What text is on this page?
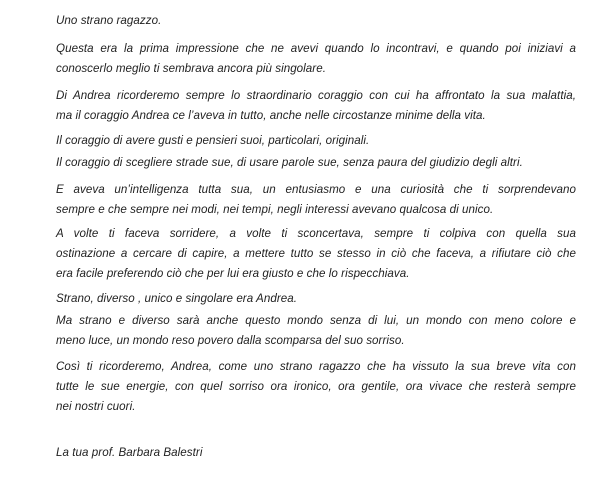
Uno strano ragazzo.

Questa era la prima impressione che ne avevi quando lo incontravi, e quando poi iniziavi a
conoscerlo meglio ti sembrava ancora più singolare.

Di Andrea ricorderemo sempre lo straordinario coraggio con cui ha affrontato la sua malattia,
ma il coraggio Andrea ce l’aveva in tutto, anche nelle circostanze minime della vita.

Il coraggio di avere gusti e pensieri suoi, particolari, originali.

Il coraggio di scegliere strade sue, di usare parole sue, senza paura del giudizio degli altri.

E aveva un’intelligenza tutta sua, un entusiasmo e una curiosità che ti sorprendevano
sempre e che sempre nei modi, nei tempi, negli interessi avevano qualcosa di unico.

A volte ti faceva sorridere, a volte ti sconcertava, sempre ti colpiva con quella sua
ostinazione a cercare di capire, a mettere tutto se stesso in ciò che faceva, a rifiutare ciò che
era facile preferendo ciò che per lui era giusto e che lo rispecchiava.

Strano, diverso , unico e singolare era Andrea.

Ma strano e diverso sarà anche questo mondo senza di lui, un mondo con meno colore e
meno luce, un mondo reso povero dalla scomparsa del suo sorriso.

Così ti ricorderemo, Andrea, come uno strano ragazzo che ha vissuto la sua breve vita con
tutte le sue energie, con quel sorriso ora ironico, ora gentile, ora vivace che resterà sempre
nei nostri cuori.

La tua prof. Barbara Balestri
